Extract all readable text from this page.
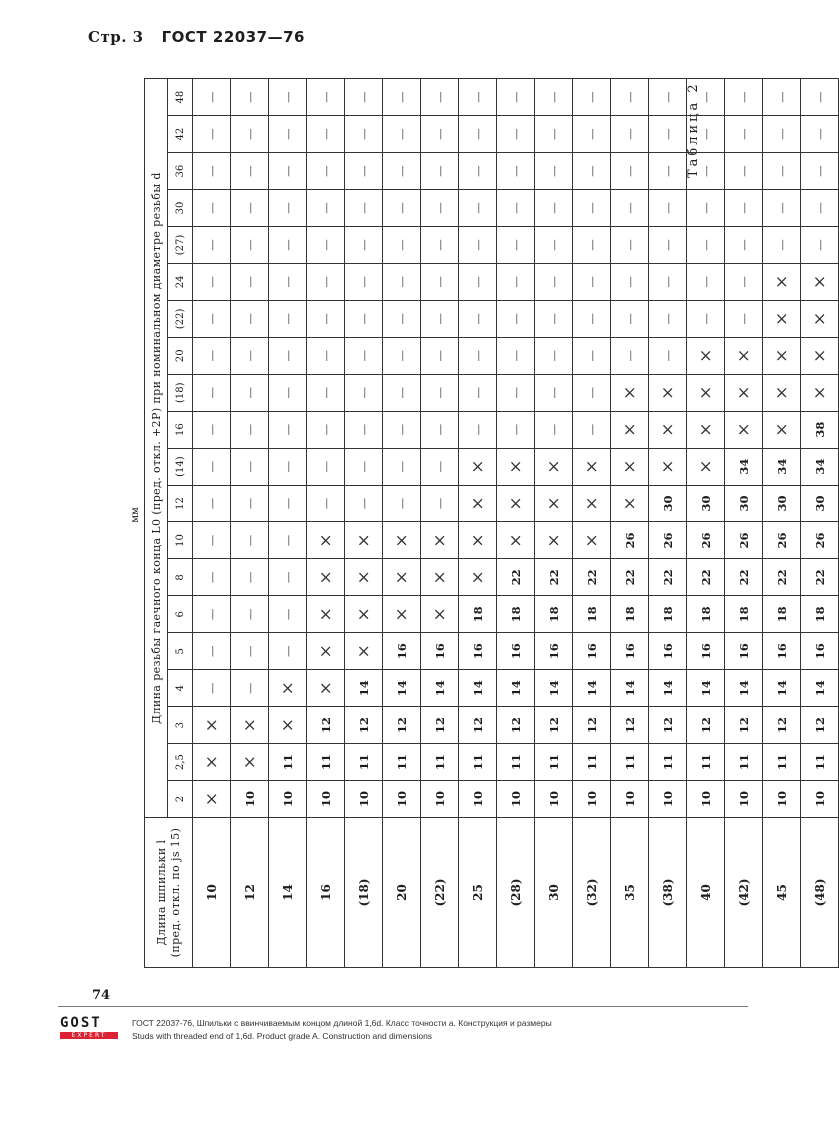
Стр. 3 ГОСТ 22037—76
Таблица 2
мм
Длина шпильки l
(пред. откл. по js 15)	Длина резьбы гаечного конца L0 (пред. откл. +2P) при номинальном диаметре резьбы d																			
	2	2,5	3	4	5	6	8	10	12	(14)	16	(18)	20	(22)	24	(27)	30	36	42	48
10	×	×	×	—	—	—	—	—	—	—	—	—	—	—	—	—	—	—	—	—
12	10	×	×	—	—	—	—	—	—	—	—	—	—	—	—	—	—	—	—	—
14	10	11	×	×	—	—	—	—	—	—	—	—	—	—	—	—	—	—	—	—
16	10	11	12	×	×	×	×	×	—	—	—	—	—	—	—	—	—	—	—	—
(18)	10	11	12	14	×	×	×	×	—	—	—	—	—	—	—	—	—	—	—	—
20	10	11	12	14	16	×	×	×	—	—	—	—	—	—	—	—	—	—	—	—
(22)	10	11	12	14	16	×	×	×	—	—	—	—	—	—	—	—	—	—	—	—
25	10	11	12	14	16	18	×	×	×	×	—	—	—	—	—	—	—	—	—	—
(28)	10	11	12	14	16	18	22	×	×	×	—	—	—	—	—	—	—	—	—	—
30	10	11	12	14	16	18	22	×	×	×	—	—	—	—	—	—	—	—	—	—
(32)	10	11	12	14	16	18	22	×	×	×	—	—	—	—	—	—	—	—	—	—
35	10	11	12	14	16	18	22	26	×	×	×	×	—	—	—	—	—	—	—	—
(38)	10	11	12	14	16	18	22	26	30	×	×	×	—	—	—	—	—	—	—	—
40	10	11	12	14	16	18	22	26	30	×	×	×	×	—	—	—	—	—	—	—
(42)	10	11	12	14	16	18	22	26	30	34	×	×	×	—	—	—	—	—	—	—
45	10	11	12	14	16	18	22	26	30	34	×	×	×	×	×	—	—	—	—	—
(48)	10	11	12	14	16	18	22	26	30	34	38	×	×	×	×	—	—	—	—	—
74
GOST
EXPERT
ГОСТ 22037-76, Шпильки с ввинчиваемым концом длиной 1,6d. Класс точности а. Конструкция и размеры
Studs with threaded end of 1,6d. Product grade A. Construction and dimensions
